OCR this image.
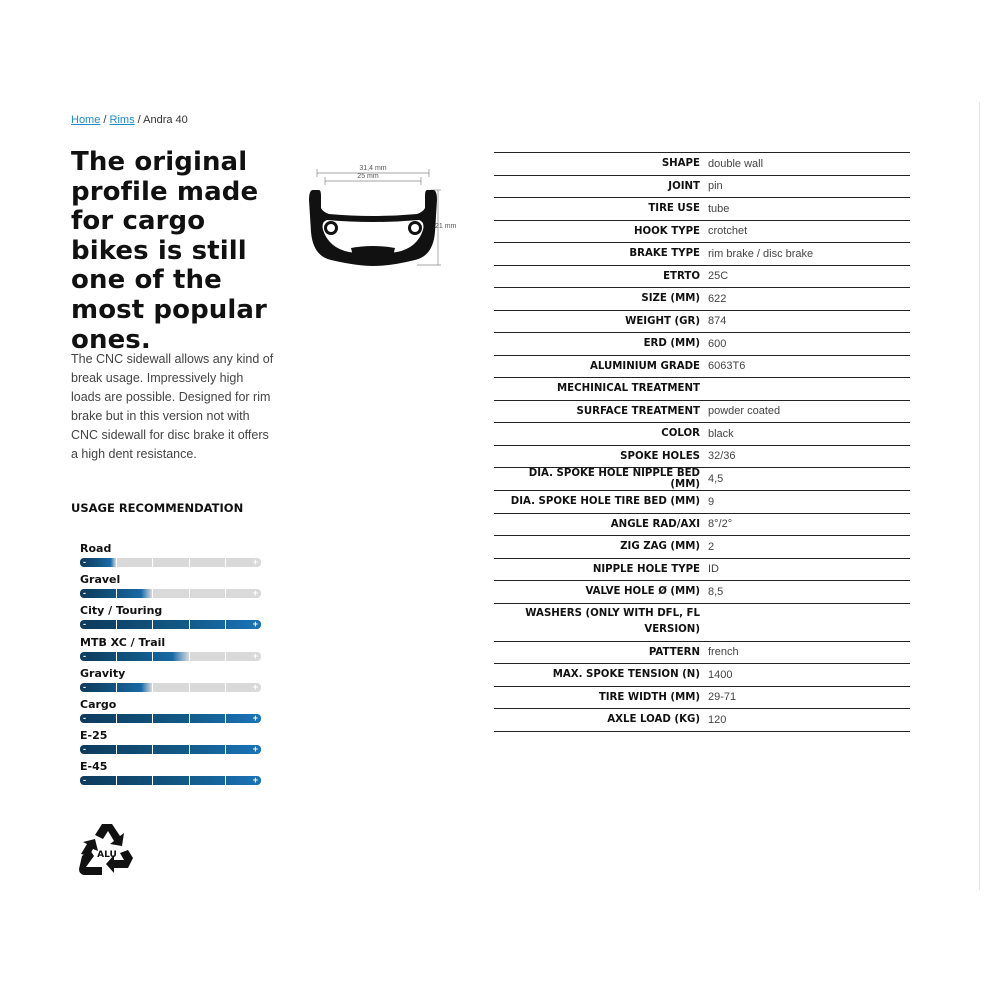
Home / Rims / Andra 40
The original profile made for cargo bikes is still one of the most popular ones.

The CNC sidewall allows any kind of break usage. Impressively high loads are possible. Designed for rim brake but in this version not with CNC sidewall for disc brake it offers a high dent resistance.

31,4 mm
25 mm
21 mm
USAGE RECOMMENDATION
Road
-	+
Gravel
-	+
City / Touring
-	+
MTB XC / Trail
-	+
Gravity
-	+
Cargo
-	+
E-25
-	+
E-45
-	+
SHAPE	double wall
JOINT	pin
TIRE USE	tube
HOOK TYPE	crotchet
BRAKE TYPE	rim brake / disc brake
ETRTO	25C
SIZE (MM)	622
WEIGHT (GR)	874
ERD (MM)	600
ALUMINIUM GRADE	6063T6
MECHINICAL TREATMENT	
SURFACE TREATMENT	powder coated
COLOR	black
SPOKE HOLES	32/36
DIA. SPOKE HOLE NIPPLE BED (MM)	4,5
DIA. SPOKE HOLE TIRE BED (MM)	9
ANGLE RAD/AXI	8°/2°
ZIG ZAG (MM)	2
NIPPLE HOLE TYPE	ID
VALVE HOLE Ø (MM)	8,5
WASHERS (ONLY WITH DFL, FL VERSION)	
PATTERN	french
MAX. SPOKE TENSION (N)	1400
TIRE WIDTH (MM)	29-71
AXLE LOAD (KG)	120
ALU
